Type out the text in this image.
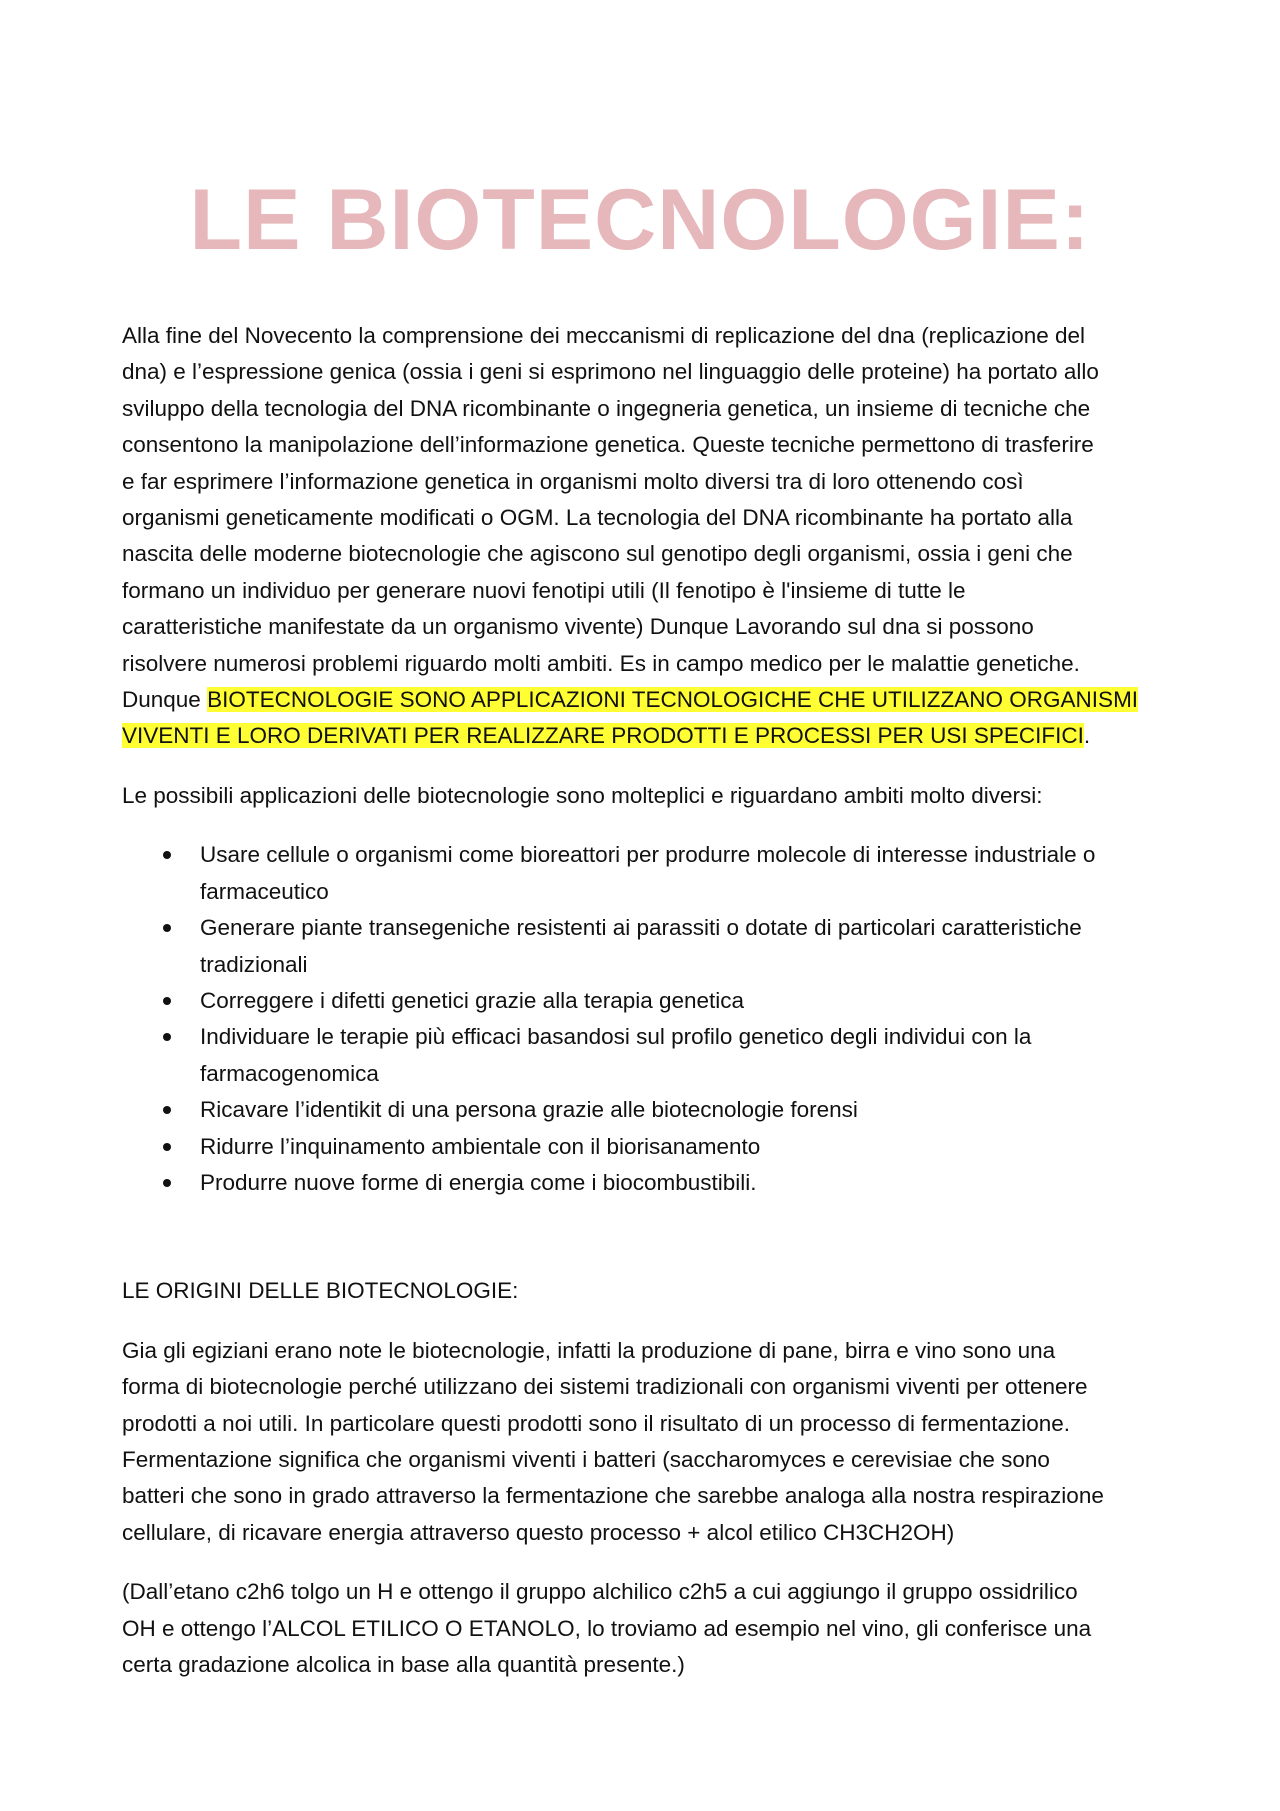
LE BIOTECNOLOGIE:

Alla fine del Novecento la comprensione dei meccanismi di replicazione del dna (replicazione del
dna) e l’espressione genica (ossia i geni si esprimono nel linguaggio delle proteine) ha portato allo
sviluppo della tecnologia del DNA ricombinante o ingegneria genetica, un insieme di tecniche che
consentono la manipolazione dell’informazione genetica. Queste tecniche permettono di trasferire
e far esprimere l’informazione genetica in organismi molto diversi tra di loro ottenendo così
organismi geneticamente modificati o OGM. La tecnologia del DNA ricombinante ha portato alla
nascita delle moderne biotecnologie che agiscono sul genotipo degli organismi, ossia i geni che
formano un individuo per generare nuovi fenotipi utili (Il fenotipo è l'insieme di tutte le
caratteristiche manifestate da un organismo vivente) Dunque Lavorando sul dna si possono
risolvere numerosi problemi riguardo molti ambiti. Es in campo medico per le malattie genetiche.
Dunque BIOTECNOLOGIE SONO APPLICAZIONI TECNOLOGICHE CHE UTILIZZANO ORGANISMI
VIVENTI E LORO DERIVATI PER REALIZZARE PRODOTTI E PROCESSI PER USI SPECIFICI.

Le possibili applicazioni delle biotecnologie sono molteplici e riguardano ambiti molto diversi:

Usare cellule o organismi come bioreattori per produrre molecole di interesse industriale o
farmaceutico
Generare piante transegeniche resistenti ai parassiti o dotate di particolari caratteristiche
tradizionali
Correggere i difetti genetici grazie alla terapia genetica
Individuare le terapie più efficaci basandosi sul profilo genetico degli individui con la
farmacogenomica
Ricavare l’identikit di una persona grazie alle biotecnologie forensi
Ridurre l’inquinamento ambientale con il biorisanamento
Produrre nuove forme di energia come i biocombustibili.

LE ORIGINI DELLE BIOTECNOLOGIE:

Gia gli egiziani erano note le biotecnologie, infatti la produzione di pane, birra e vino sono una
forma di biotecnologie perché utilizzano dei sistemi tradizionali con organismi viventi per ottenere
prodotti a noi utili. In particolare questi prodotti sono il risultato di un processo di fermentazione.
Fermentazione significa che organismi viventi i batteri (saccharomyces e cerevisiae che sono
batteri che sono in grado attraverso la fermentazione che sarebbe analoga alla nostra respirazione
cellulare, di ricavare energia attraverso questo processo + alcol etilico CH3CH2OH)

(Dall’etano c2h6 tolgo un H e ottengo il gruppo alchilico c2h5 a cui aggiungo il gruppo ossidrilico
OH e ottengo l’ALCOL ETILICO O ETANOLO, lo troviamo ad esempio nel vino, gli conferisce una
certa gradazione alcolica in base alla quantità presente.)
